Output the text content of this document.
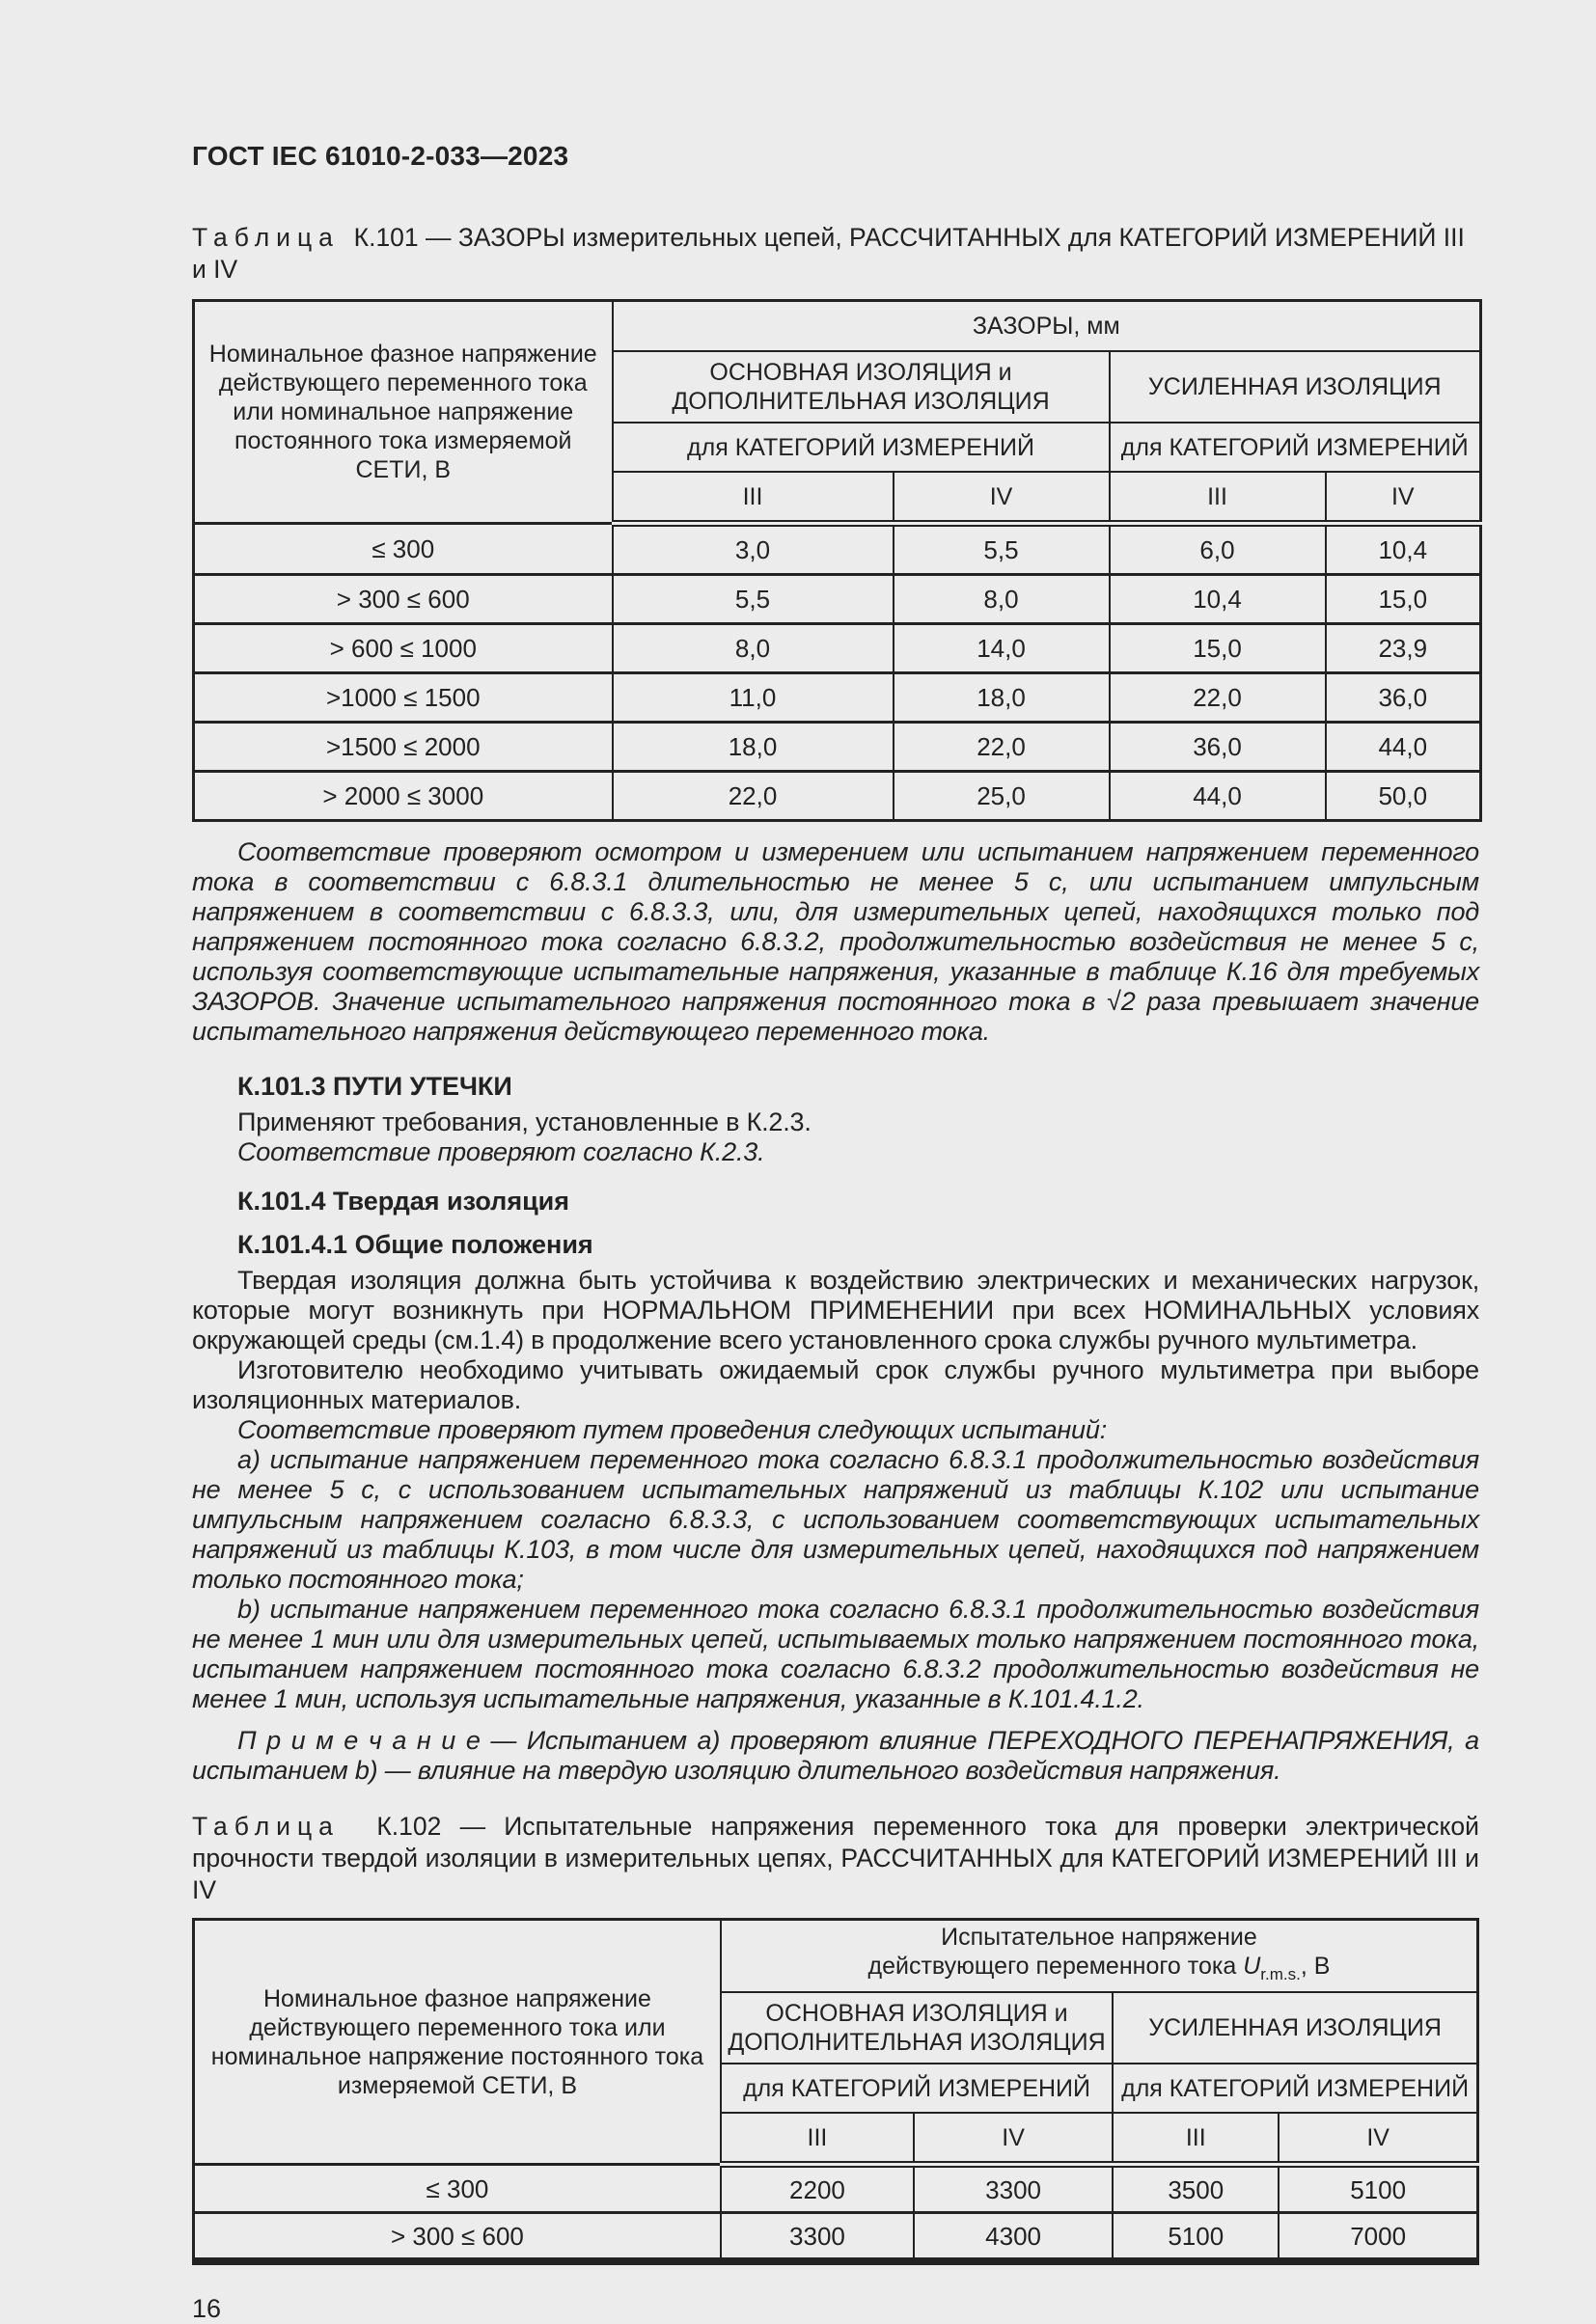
ГОСТ IEC 61010-2-033—2023

Таблица К.101 — ЗАЗОРЫ измерительных цепей, РАССЧИТАННЫХ для КАТЕГОРИЙ ИЗМЕРЕНИЙ III и IV

Номинальное фазное напряжение действующего переменного тока или номинальное напряжение постоянного тока измеряемой СЕТИ, В	ЗАЗОРЫ, мм			
	ОСНОВНАЯ ИЗОЛЯЦИЯ и ДОПОЛНИТЕЛЬНАЯ ИЗОЛЯЦИЯ		УСИЛЕННАЯ ИЗОЛЯЦИЯ	
	для КАТЕГОРИЙ ИЗМЕРЕНИЙ		для КАТЕГОРИЙ ИЗМЕРЕНИЙ	
	III	IV	III	IV
≤ 300	3,0	5,5	6,0	10,4
> 300 ≤ 600	5,5	8,0	10,4	15,0
> 600 ≤ 1000	8,0	14,0	15,0	23,9
>1000 ≤ 1500	11,0	18,0	22,0	36,0
>1500 ≤ 2000	18,0	22,0	36,0	44,0
> 2000 ≤ 3000	22,0	25,0	44,0	50,0

Соответствие проверяют осмотром и измерением или испытанием напряжением переменного тока в соответствии с 6.8.3.1 длительностью не менее 5 с, или испытанием импульсным напряжением в соответствии с 6.8.3.3, или, для измерительных цепей, находящихся только под напряжением постоянного тока согласно 6.8.3.2, продолжительностью воздействия не менее 5 с, используя соответствующие испытательные напряжения, указанные в таблице К.16 для требуемых ЗАЗОРОВ. Значение испытательного напряжения постоянного тока в √2 раза превышает значение испытательного напряжения действующего переменного тока.

К.101.3 ПУТИ УТЕЧКИ

Применяют требования, установленные в К.2.3.

Соответствие проверяют согласно К.2.3.

К.101.4 Твердая изоляция

К.101.4.1 Общие положения

Твердая изоляция должна быть устойчива к воздействию электрических и механических нагрузок, которые могут возникнуть при НОРМАЛЬНОМ ПРИМЕНЕНИИ при всех НОМИНАЛЬНЫХ условиях окружающей среды (см.1.4) в продолжение всего установленного срока службы ручного мультиметра.

Изготовителю необходимо учитывать ожидаемый срок службы ручного мультиметра при выборе изоляционных материалов.

Соответствие проверяют путем проведения следующих испытаний:

a) испытание напряжением переменного тока согласно 6.8.3.1 продолжительностью воздействия не менее 5 с, с использованием испытательных напряжений из таблицы К.102 или испытание импульсным напряжением согласно 6.8.3.3, с использованием соответствующих испытательных напряжений из таблицы К.103, в том числе для измерительных цепей, находящихся под напряжением только постоянного тока;

b) испытание напряжением переменного тока согласно 6.8.3.1 продолжительностью воздействия не менее 1 мин или для измерительных цепей, испытываемых только напряжением постоянного тока, испытанием напряжением постоянного тока согласно 6.8.3.2 продолжительностью воздействия не менее 1 мин, используя испытательные напряжения, указанные в К.101.4.1.2.

П р и м е ч а н и е — Испытанием a) проверяют влияние ПЕРЕХОДНОГО ПЕРЕНАПРЯЖЕНИЯ, а испытанием b) — влияние на твердую изоляцию длительного воздействия напряжения.

Таблица К.102 — Испытательные напряжения переменного тока для проверки электрической прочности твердой изоляции в измерительных цепях, РАССЧИТАННЫХ для КАТЕГОРИЙ ИЗМЕРЕНИЙ III и IV

Номинальное фазное напряжение действующего переменного тока или номинальное напряжение постоянного тока измеряемой СЕТИ, В	Испытательное напряжение
действующего переменного тока $U_{r.m.s.}$, В			
	ОСНОВНАЯ ИЗОЛЯЦИЯ и ДОПОЛНИТЕЛЬНАЯ ИЗОЛЯЦИЯ		УСИЛЕННАЯ ИЗОЛЯЦИЯ	
	для КАТЕГОРИЙ ИЗМЕРЕНИЙ		для КАТЕГОРИЙ ИЗМЕРЕНИЙ	
	III	IV	III	IV
≤ 300	2200	3300	3500	5100
> 300 ≤ 600	3300	4300	5100	7000

16
